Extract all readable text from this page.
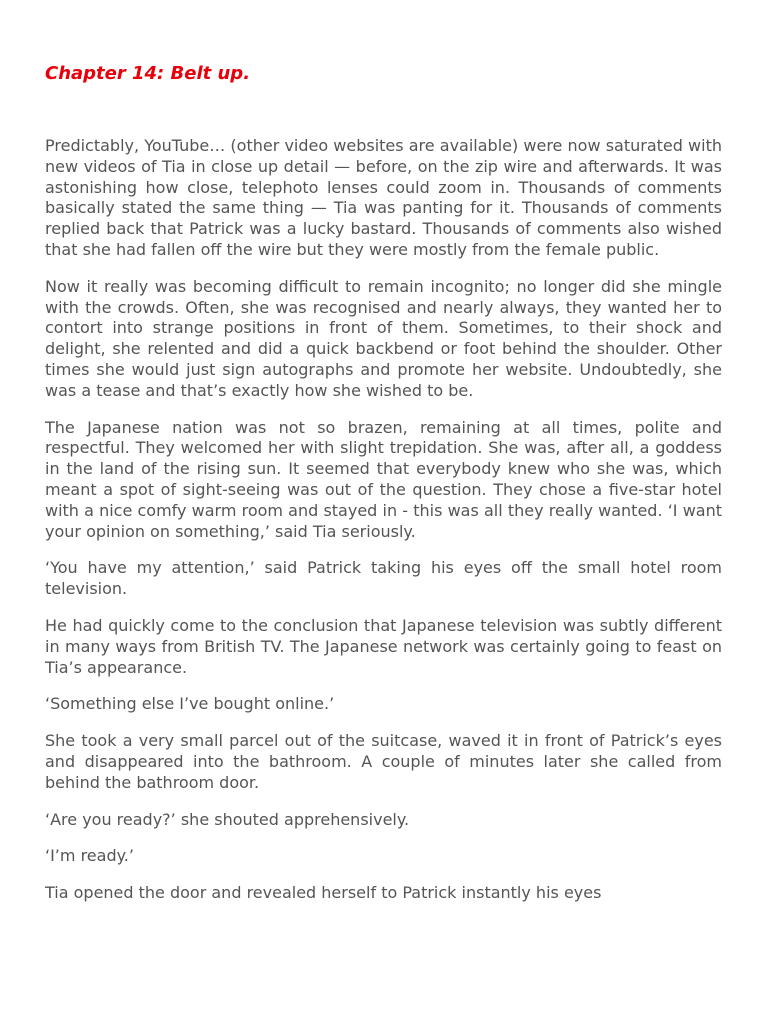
Chapter 14: Belt up.

Predictably, YouTube… (other video websites are available) were now saturated with new videos of Tia in close up detail — before, on the zip wire and afterwards. It was astonishing how close, telephoto lenses could zoom in. Thousands of comments basically stated the same thing — Tia was panting for it. Thousands of comments replied back that Patrick was a lucky bastard. Thousands of comments also wished that she had fallen off the wire but they were mostly from the female public.

Now it really was becoming difficult to remain incognito; no longer did she mingle with the crowds. Often, she was recognised and nearly always, they wanted her to contort into strange positions in front of them. Sometimes, to their shock and delight, she relented and did a quick backbend or foot behind the shoulder. Other times she would just sign autographs and promote her website. Undoubtedly, she was a tease and that’s exactly how she wished to be.

The Japanese nation was not so brazen, remaining at all times, polite and respectful. They welcomed her with slight trepidation. She was, after all, a goddess in the land of the rising sun. It seemed that everybody knew who she was, which meant a spot of sight-seeing was out of the question. They chose a five-star hotel with a nice comfy warm room and stayed in - this was all they really wanted. ‘I want your opinion on something,’ said Tia seriously.

‘You have my attention,’ said Patrick taking his eyes off the small hotel room television.

He had quickly come to the conclusion that Japanese television was subtly different in many ways from British TV. The Japanese network was certainly going to feast on Tia’s appearance.

‘Something else I’ve bought online.’

She took a very small parcel out of the suitcase, waved it in front of Patrick’s eyes and disappeared into the bathroom. A couple of minutes later she called from behind the bathroom door.

‘Are you ready?’ she shouted apprehensively.

‘I’m ready.’

Tia opened the door and revealed herself to Patrick instantly his eyes
